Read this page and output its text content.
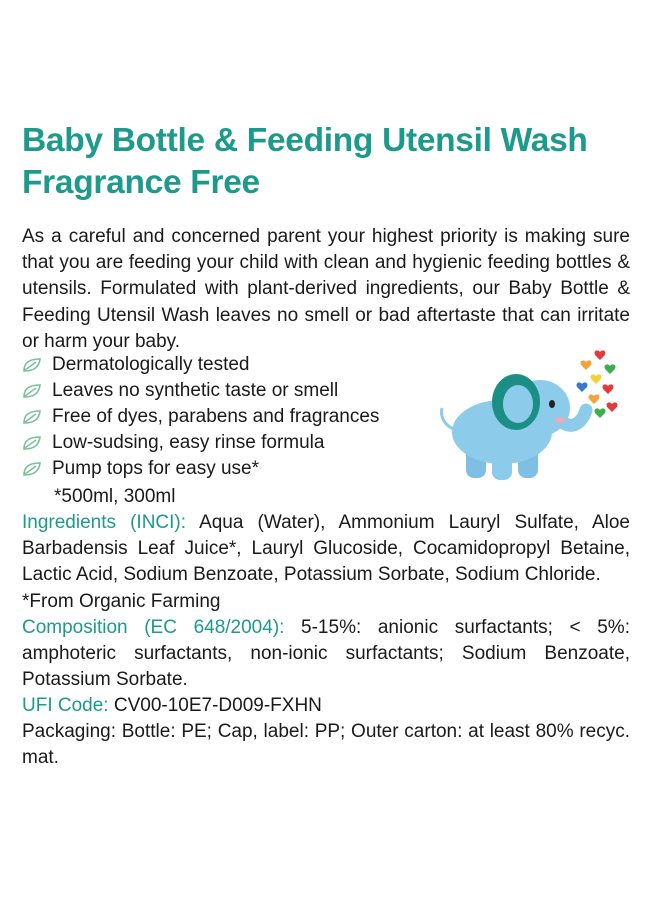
Baby Bottle & Feeding Utensil Wash
Fragrance Free
As a careful and concerned parent your highest priority is making sure that you are feeding your child with clean and hygienic feeding bottles & utensils. Formulated with plant-derived ingredients, our Baby Bottle & Feeding Utensil Wash leaves no smell or bad aftertaste that can irritate or harm your baby.
Dermatologically tested
Leaves no synthetic taste or smell
Free of dyes, parabens and fragrances
Low-sudsing, easy rinse formula
Pump tops for easy use*
*500ml, 300ml
Ingredients (INCI): Aqua (Water), Ammonium Lauryl Sulfate, Aloe Barbadensis Leaf Juice*, Lauryl Glucoside, Cocamidopropyl Betaine, Lactic Acid, Sodium Benzoate, Potassium Sorbate, Sodium Chloride.
*From Organic Farming
Composition (EC 648/2004): 5-15%: anionic surfactants; < 5%: amphoteric surfactants, non-ionic surfactants; Sodium Benzoate, Potassium Sorbate.
UFI Code: CV00-10E7-D009-FXHN
Packaging: Bottle: PE; Cap, label: PP; Outer carton: at least 80% recyc. mat.
